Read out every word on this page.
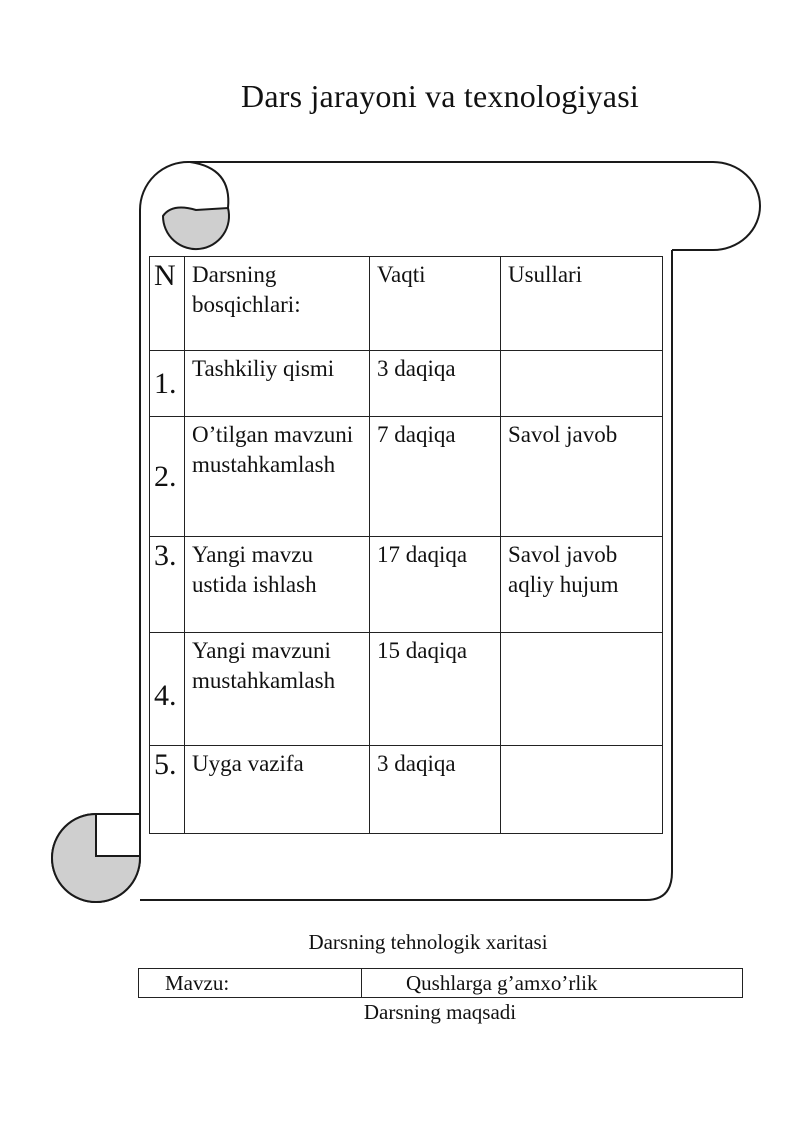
Dars jarayoni va texnologiyasi
N	Darsning bosqichlari:	Vaqti	Usullari
1.	Tashkiliy qismi	3 daqiqa	
2.	O’tilgan mavzuni mustahkamlash	7 daqiqa	Savol javob
3.	Yangi mavzu ustida ishlash	17 daqiqa	Savol javob aqliy hujum
4.	Yangi mavzuni mustahkamlash	15 daqiqa	
5.	Uyga vazifa	3 daqiqa	
Darsning tehnologik xaritasi
Mavzu:	Qushlarga g’amxo’rlik
Darsning maqsadi
